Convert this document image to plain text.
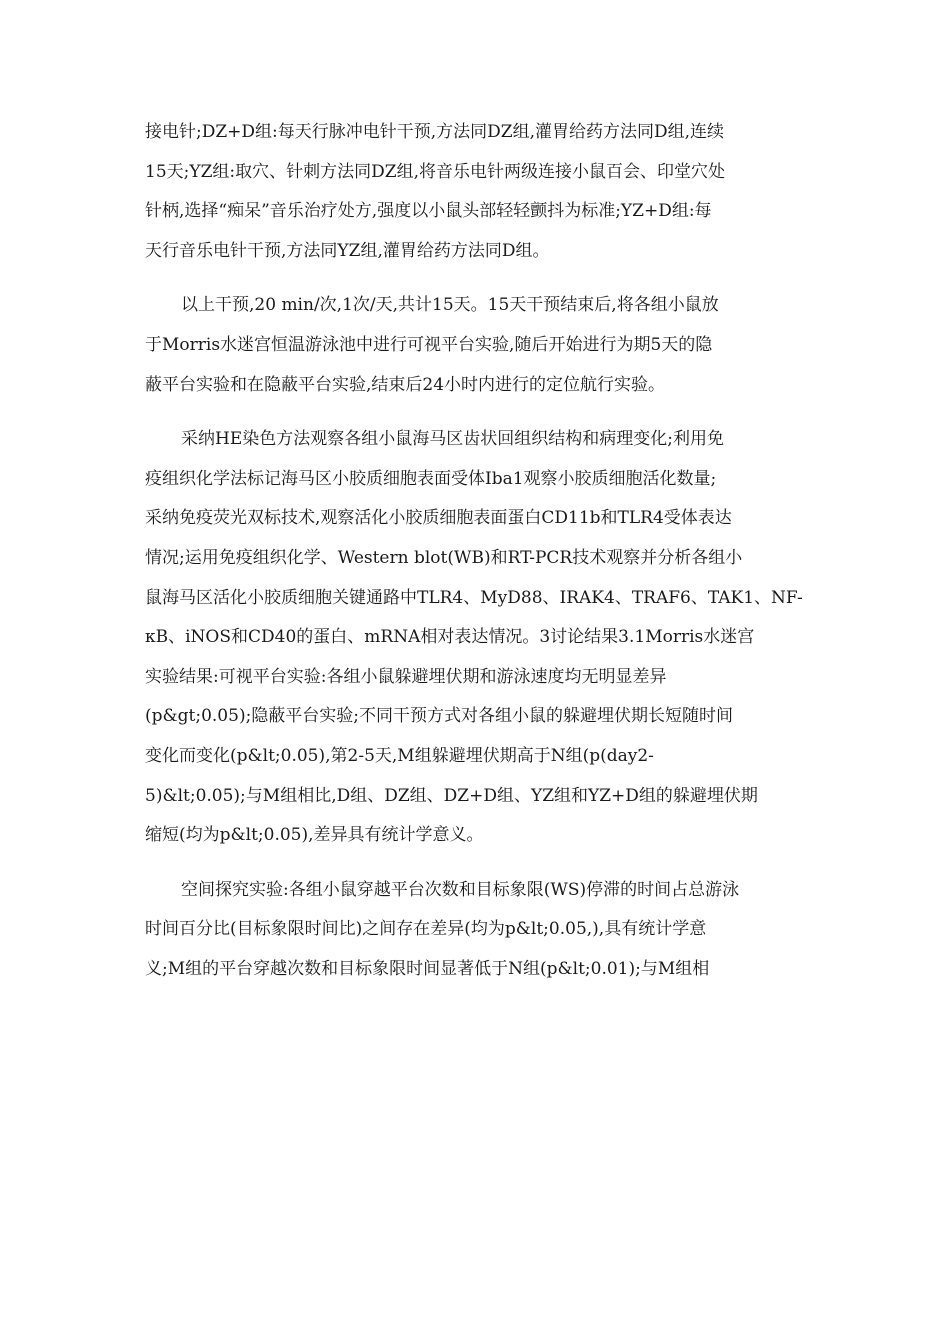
接电针;DZ+D组:每天行脉冲电针干预,方法同DZ组,灌胃给药方法同D组,连续
15天;YZ组:取穴、针刺方法同DZ组,将音乐电针两级连接小鼠百会、印堂穴处
针柄,选择“痴呆”音乐治疗处方,强度以小鼠头部轻轻颤抖为标准;YZ+D组:每
天行音乐电针干预,方法同YZ组,灌胃给药方法同D组。
以上干预,20 min/次,1次/天,共计15天。15天干预结束后,将各组小鼠放
于Morris水迷宫恒温游泳池中进行可视平台实验,随后开始进行为期5天的隐
蔽平台实验和在隐蔽平台实验,结束后24小时内进行的定位航行实验。
采纳HE染色方法观察各组小鼠海马区齿状回组织结构和病理变化;利用免
疫组织化学法标记海马区小胶质细胞表面受体Iba1观察小胶质细胞活化数量;
采纳免疫荧光双标技术,观察活化小胶质细胞表面蛋白CD11b和TLR4受体表达
情况;运用免疫组织化学、Western blot(WB)和RT-PCR技术观察并分析各组小
鼠海马区活化小胶质细胞关键通路中TLR4、MyD88、IRAK4、TRAF6、TAK1、NF-
κB、iNOS和CD40的蛋白、mRNA相对表达情况。3讨论结果3.1Morris水迷宫
实验结果:可视平台实验:各组小鼠躲避埋伏期和游泳速度均无明显差异
(p&gt;0.05);隐蔽平台实验;不同干预方式对各组小鼠的躲避埋伏期长短随时间
变化而变化(p&lt;0.05),第2-5天,M组躲避埋伏期高于N组(p(day2-
5)&lt;0.05);与M组相比,D组、DZ组、DZ+D组、YZ组和YZ+D组的躲避埋伏期
缩短(均为p&lt;0.05),差异具有统计学意义。
空间探究实验:各组小鼠穿越平台次数和目标象限(WS)停滞的时间占总游泳
时间百分比(目标象限时间比)之间存在差异(均为p&lt;0.05,),具有统计学意
义;M组的平台穿越次数和目标象限时间显著低于N组(p&lt;0.01);与M组相
